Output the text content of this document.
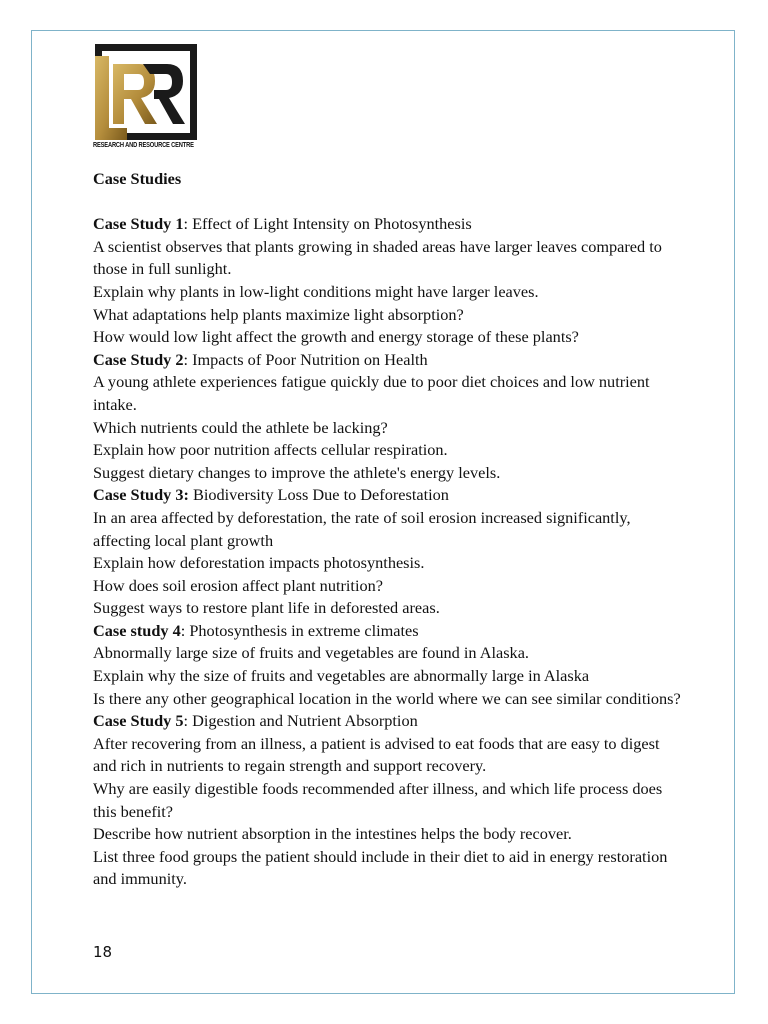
RESEARCH AND RESOURCE CENTRE

Case Studies

Case Study 1: Effect of Light Intensity on Photosynthesis

A scientist observes that plants growing in shaded areas have larger leaves compared to those in full sunlight.

Explain why plants in low-light conditions might have larger leaves.

What adaptations help plants maximize light absorption?

How would low light affect the growth and energy storage of these plants?

Case Study 2: Impacts of Poor Nutrition on Health

A young athlete experiences fatigue quickly due to poor diet choices and low nutrient intake.

Which nutrients could the athlete be lacking?

Explain how poor nutrition affects cellular respiration.

Suggest dietary changes to improve the athlete's energy levels.

Case Study 3: Biodiversity Loss Due to Deforestation

In an area affected by deforestation, the rate of soil erosion increased significantly, affecting local plant growth

Explain how deforestation impacts photosynthesis.

How does soil erosion affect plant nutrition?

Suggest ways to restore plant life in deforested areas.

Case study 4: Photosynthesis in extreme climates

Abnormally large size of fruits and vegetables are found in Alaska.

Explain why the size of fruits and vegetables are abnormally large in Alaska

Is there any other geographical location in the world where we can see similar conditions?

Case Study 5: Digestion and Nutrient Absorption

After recovering from an illness, a patient is advised to eat foods that are easy to digest and rich in nutrients to regain strength and support recovery.

Why are easily digestible foods recommended after illness, and which life process does this benefit?

Describe how nutrient absorption in the intestines helps the body recover.

List three food groups the patient should include in their diet to aid in energy restoration and immunity.

18
